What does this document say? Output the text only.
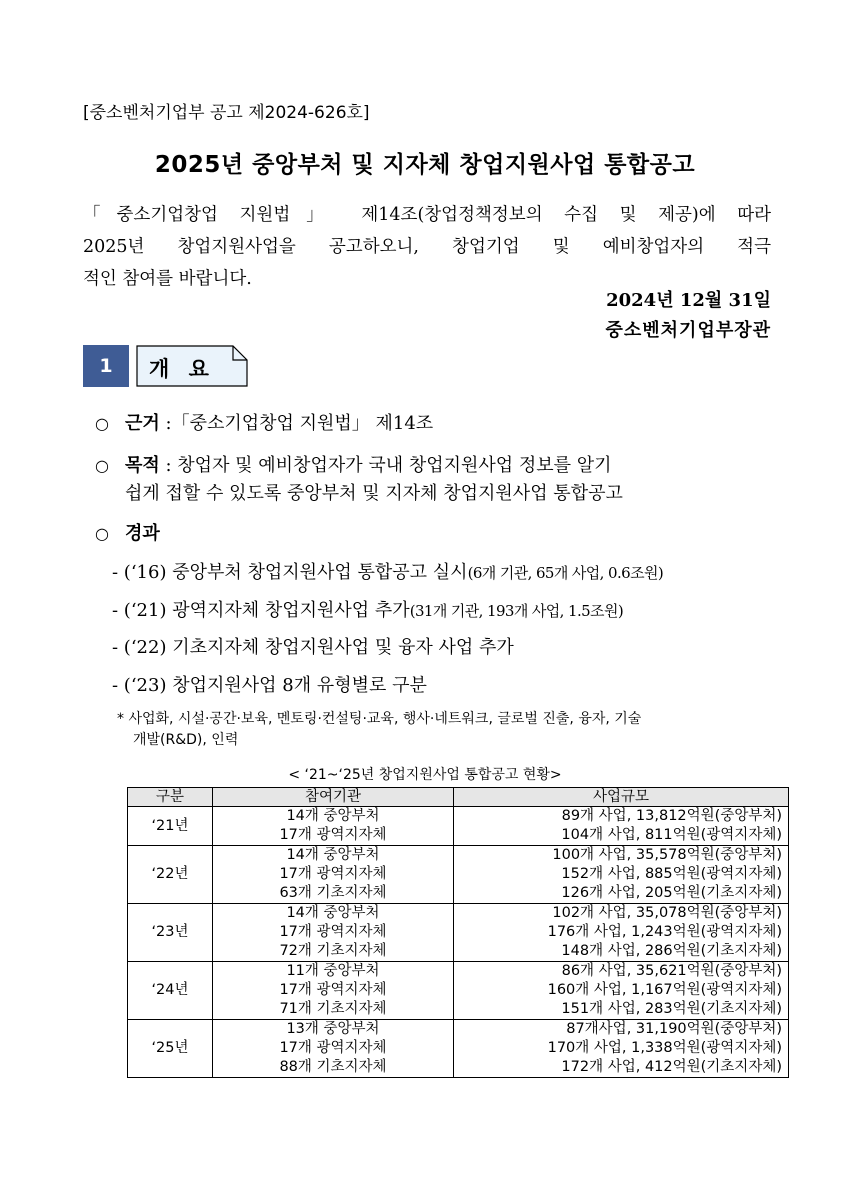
[중소벤처기업부 공고 제2024-626호]
2025년 중앙부처 및 지자체 창업지원사업 통합공고
「중소기업창업 지원법」 제14조(창업정책정보의 수집 및 제공)에 따라
2025년 창업지원사업을 공고하오니, 창업기업 및 예비창업자의 적극
적인 참여를 바랍니다.
2024년 12월 31일
중소벤처기업부장관
1	개 요
○ 근거 :「중소기업창업 지원법」 제14조
○ 목적 : 창업자 및 예비창업자가 국내 창업지원사업 정보를 알기
쉽게 접할 수 있도록 중앙부처 및 지자체 창업지원사업 통합공고
○ 경과
- (‘16) 중앙부처 창업지원사업 통합공고 실시(6개 기관, 65개 사업, 0.6조원)
- (‘21) 광역지자체 창업지원사업 추가(31개 기관, 193개 사업, 1.5조원)
- (‘22) 기초지자체 창업지원사업 및 융자 사업 추가
- (‘23) 창업지원사업 8개 유형별로 구분
* 사업화, 시설·공간·보육, 멘토링·컨설팅·교육, 행사·네트워크, 글로벌 진출, 융자, 기술
개발(R&D), 인력
< ‘21~‘25년 창업지원사업 통합공고 현황>
구분	참여기관	사업규모
‘21년	14개 중앙부처
17개 광역지자체	89개 사업, 13,812억원(중앙부처)
104개 사업, 811억원(광역지자체)

‘22년	14개 중앙부처
17개 광역지자체
63개 기초지자체	100개 사업, 35,578억원(중앙부처)
152개 사업, 885억원(광역지자체)
126개 사업, 205억원(기초지자체)

‘23년	14개 중앙부처
17개 광역지자체
72개 기초지자체	102개 사업, 35,078억원(중앙부처)
176개 사업, 1,243억원(광역지자체)
148개 사업, 286억원(기초지자체)

‘24년	11개 중앙부처
17개 광역지자체
71개 기초지자체	86개 사업, 35,621억원(중앙부처)
160개 사업, 1,167억원(광역지자체)
151개 사업, 283억원(기초지자체)

‘25년	13개 중앙부처
17개 광역지자체
88개 기초지자체	87개사업, 31,190억원(중앙부처)
170개 사업, 1,338억원(광역지자체)
172개 사업, 412억원(기초지자체)
